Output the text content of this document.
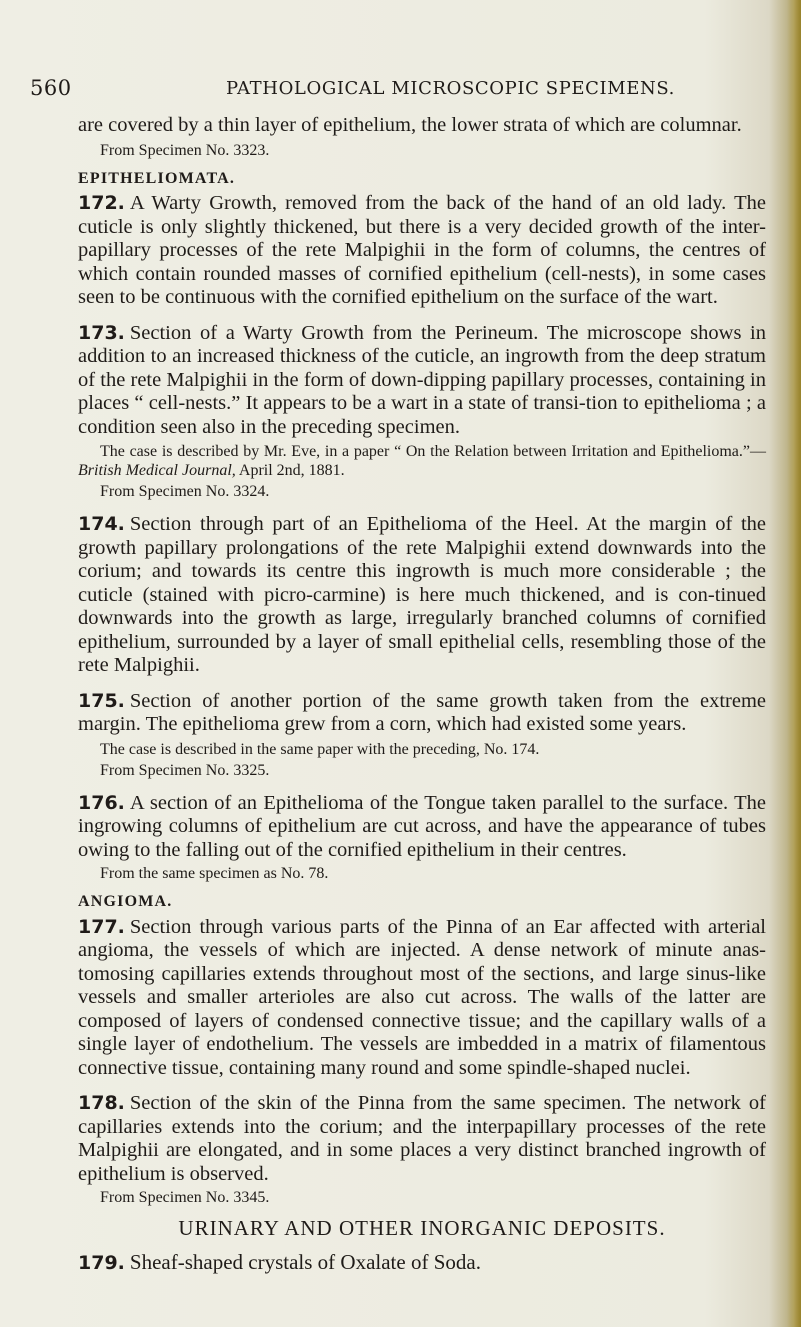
560	PATHOLOGICAL MICROSCOPIC SPECIMENS.

are covered by a thin layer of epithelium, the lower strata of which are columnar.

From Specimen No. 3323.

EPITHELIOMATA.

172. A Warty Growth, removed from the back of the hand of an old lady. The cuticle is only slightly thickened, but there is a very decided growth of the inter-papillary processes of the rete Malpighii in the form of columns, the centres of which contain rounded masses of cornified epithelium (cell-nests), in some cases seen to be continuous with the cornified epithelium on the surface of the wart.

173. Section of a Warty Growth from the Perineum. The microscope shows in addition to an increased thickness of the cuticle, an ingrowth from the deep stratum of the rete Malpighii in the form of down-dipping papillary processes, containing in places “ cell-nests.” It appears to be a wart in a state of transi-tion to epithelioma ; a condition seen also in the preceding specimen.

The case is described by Mr. Eve, in a paper “ On the Relation between Irritation and Epithelioma.”—British Medical Journal, April 2nd, 1881.

From Specimen No. 3324.

174. Section through part of an Epithelioma of the Heel. At the margin of the growth papillary prolongations of the rete Malpighii extend downwards into the corium; and towards its centre this ingrowth is much more considerable ; the cuticle (stained with picro-carmine) is here much thickened, and is con-tinued downwards into the growth as large, irregularly branched columns of cornified epithelium, surrounded by a layer of small epithelial cells, resembling those of the rete Malpighii.

175. Section of another portion of the same growth taken from the extreme margin. The epithelioma grew from a corn, which had existed some years.

The case is described in the same paper with the preceding, No. 174.

From Specimen No. 3325.

176. A section of an Epithelioma of the Tongue taken parallel to the surface. The ingrowing columns of epithelium are cut across, and have the appearance of tubes owing to the falling out of the cornified epithelium in their centres.

From the same specimen as No. 78.

ANGIOMA.

177. Section through various parts of the Pinna of an Ear affected with arterial angioma, the vessels of which are injected. A dense network of minute anas-tomosing capillaries extends throughout most of the sections, and large sinus-like vessels and smaller arterioles are also cut across. The walls of the latter are composed of layers of condensed connective tissue; and the capillary walls of a single layer of endothelium. The vessels are imbedded in a matrix of filamentous connective tissue, containing many round and some spindle-shaped nuclei.

178. Section of the skin of the Pinna from the same specimen. The network of capillaries extends into the corium; and the interpapillary processes of the rete Malpighii are elongated, and in some places a very distinct branched ingrowth of epithelium is observed.

From Specimen No. 3345.

URINARY AND OTHER INORGANIC DEPOSITS.

179. Sheaf-shaped crystals of Oxalate of Soda.
